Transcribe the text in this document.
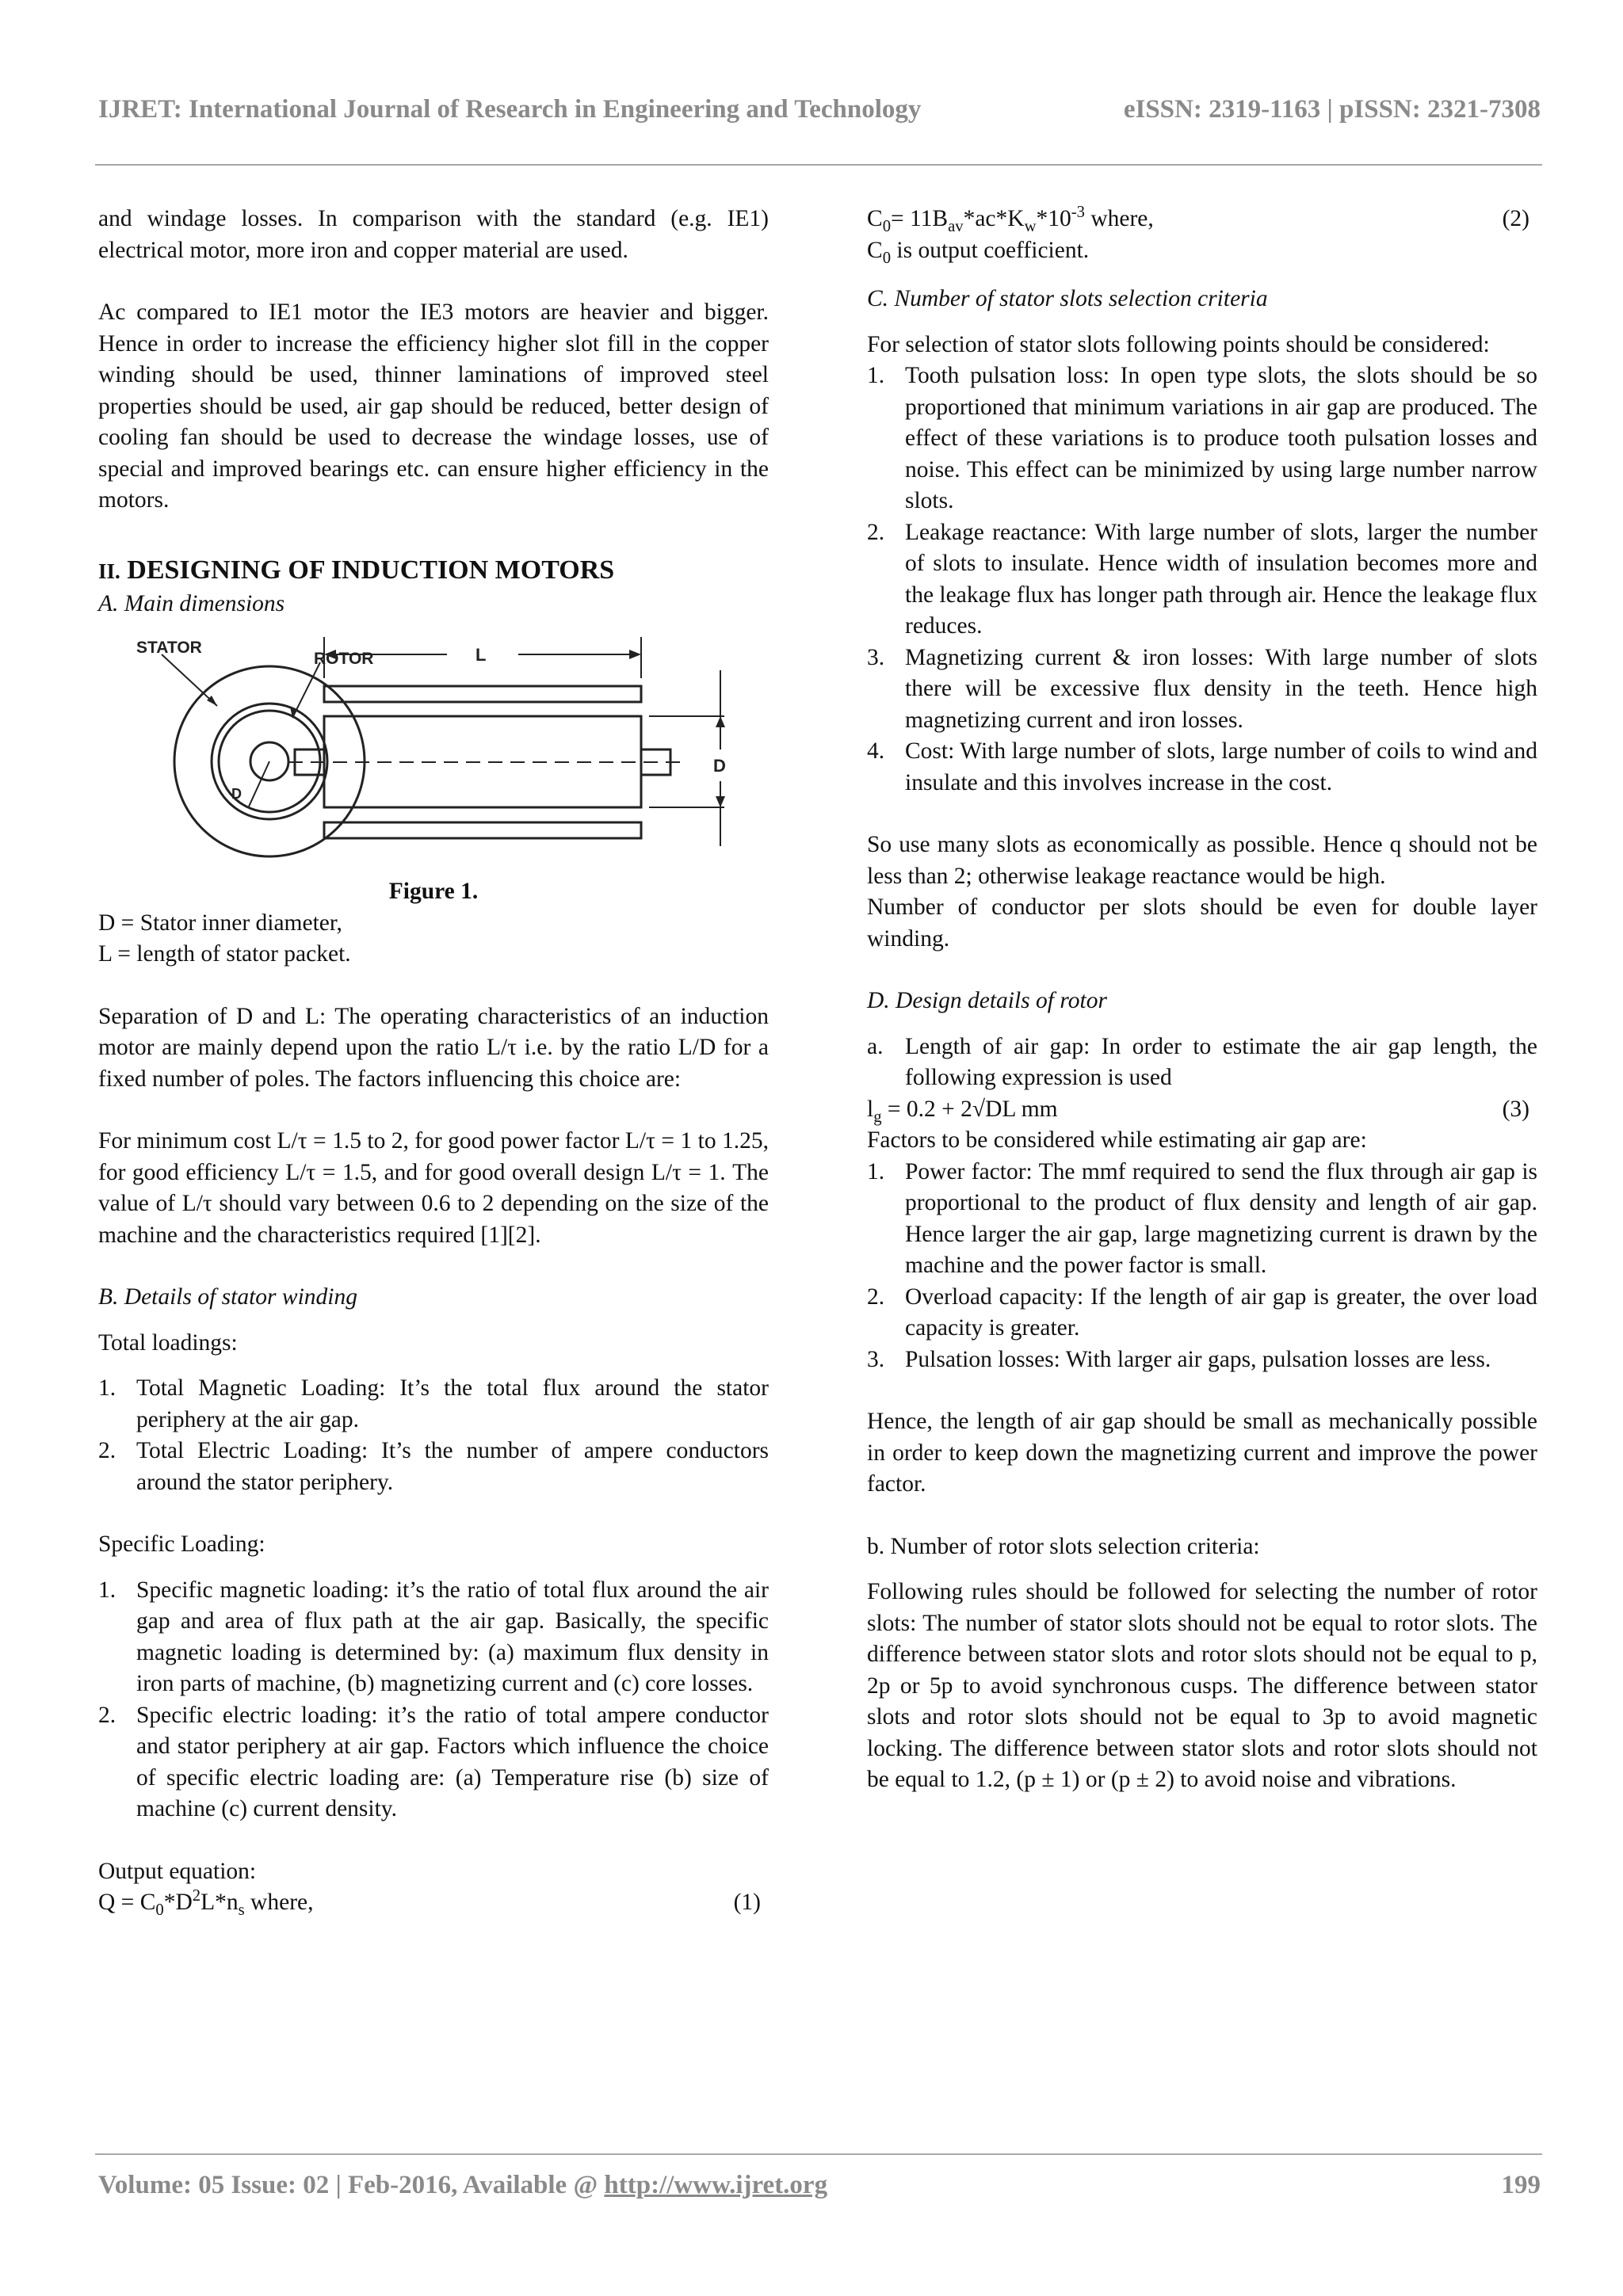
IJRET: International Journal of Research in Engineering and Technology	eISSN: 2319-1163 | pISSN: 2321-7308

and windage losses. In comparison with the standard (e.g. IE1) electrical motor, more iron and copper material are used.

Ac compared to IE1 motor the IE3 motors are heavier and bigger. Hence in order to increase the efficiency higher slot fill in the copper winding should be used, thinner laminations of improved steel properties should be used, air gap should be reduced, better design of cooling fan should be used to decrease the windage losses, use of special and improved bearings etc. can ensure higher efficiency in the motors.

II. DESIGNING OF INDUCTION MOTORS

A. Main dimensions

STATOR
ROTOR	L
D
D

Figure 1.

D = Stator inner diameter,

L = length of stator packet.

Separation of D and L: The operating characteristics of an induction motor are mainly depend upon the ratio L/τ i.e. by the ratio L/D for a fixed number of poles. The factors influencing this choice are:

For minimum cost L/τ = 1.5 to 2, for good power factor L/τ = 1 to 1.25, for good efficiency L/τ = 1.5, and for good overall design L/τ = 1. The value of L/τ should vary between 0.6 to 2 depending on the size of the machine and the characteristics required [1][2].

B. Details of stator winding

Total loadings:

1. Total Magnetic Loading: It’s the total flux around the stator periphery at the air gap.
2. Total Electric Loading: It’s the number of ampere conductors around the stator periphery.

Specific Loading:

1. Specific magnetic loading: it’s the ratio of total flux around the air gap and area of flux path at the air gap. Basically, the specific magnetic loading is determined by: (a) maximum flux density in iron parts of machine, (b) magnetizing current and (c) core losses.
2. Specific electric loading: it’s the ratio of total ampere conductor and stator periphery at air gap. Factors which influence the choice of specific electric loading are: (a) Temperature rise (b) size of machine (c) current density.

Output equation:

$Q = C_0*D^2L*n_s$ where,	(1)
$C_0= 11B_{av}*ac*K_w*10^{-3}$ where,	(2)

$C_0$ is output coefficient.

C. Number of stator slots selection criteria

For selection of stator slots following points should be considered:

1. Tooth pulsation loss: In open type slots, the slots should be so proportioned that minimum variations in air gap are produced. The effect of these variations is to produce tooth pulsation losses and noise. This effect can be minimized by using large number narrow slots.
2. Leakage reactance: With large number of slots, larger the number of slots to insulate. Hence width of insulation becomes more and the leakage flux has longer path through air. Hence the leakage flux reduces.
3. Magnetizing current & iron losses: With large number of slots there will be excessive flux density in the teeth. Hence high magnetizing current and iron losses.
4. Cost: With large number of slots, large number of coils to wind and insulate and this involves increase in the cost.

So use many slots as economically as possible. Hence q should not be less than 2; otherwise leakage reactance would be high.

Number of conductor per slots should be even for double layer winding.

D. Design details of rotor

a. Length of air gap: In order to estimate the air gap length, the following expression is used
$l_g = 0.2 + 2√DL$ mm	(3)

Factors to be considered while estimating air gap are:

1. Power factor: The mmf required to send the flux through air gap is proportional to the product of flux density and length of air gap. Hence larger the air gap, large magnetizing current is drawn by the machine and the power factor is small.
2. Overload capacity: If the length of air gap is greater, the over load capacity is greater.
3. Pulsation losses: With larger air gaps, pulsation losses are less.

Hence, the length of air gap should be small as mechanically possible in order to keep down the magnetizing current and improve the power factor.

b. Number of rotor slots selection criteria:

Following rules should be followed for selecting the number of rotor slots: The number of stator slots should not be equal to rotor slots. The difference between stator slots and rotor slots should not be equal to p, 2p or 5p to avoid synchronous cusps. The difference between stator slots and rotor slots should not be equal to 3p to avoid magnetic locking. The difference between stator slots and rotor slots should not be equal to 1.2, (p ± 1) or (p ± 2) to avoid noise and vibrations.

Volume: 05 Issue: 02 | Feb-2016, Available @ http://www.ijret.org	199
